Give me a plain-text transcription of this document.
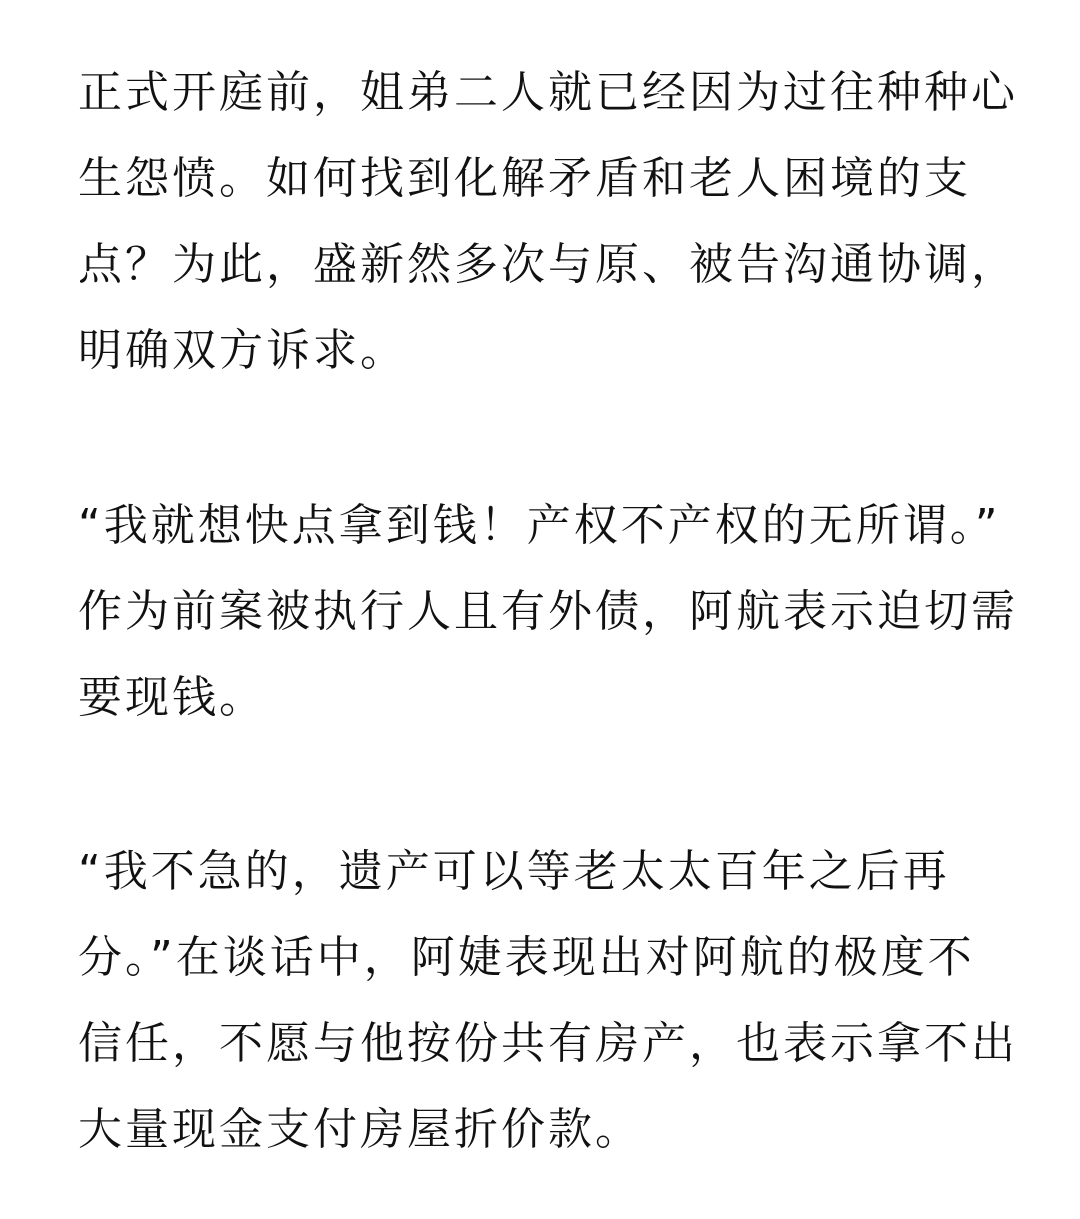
正式开庭前，姐弟二人就已经因为过往种种心
生怨愤。如何找到化解矛盾和老人困境的支
点？为此，盛新然多次与原、被告沟通协调，
明确双方诉求。
“我就想快点拿到钱！产权不产权的无所谓。”
作为前案被执行人且有外债，阿航表示迫切需
要现钱。
“我不急的，遗产可以等老太太百年之后再
分。”在谈话中，阿婕表现出对阿航的极度不
信任，不愿与他按份共有房产，也表示拿不出
大量现金支付房屋折价款。
